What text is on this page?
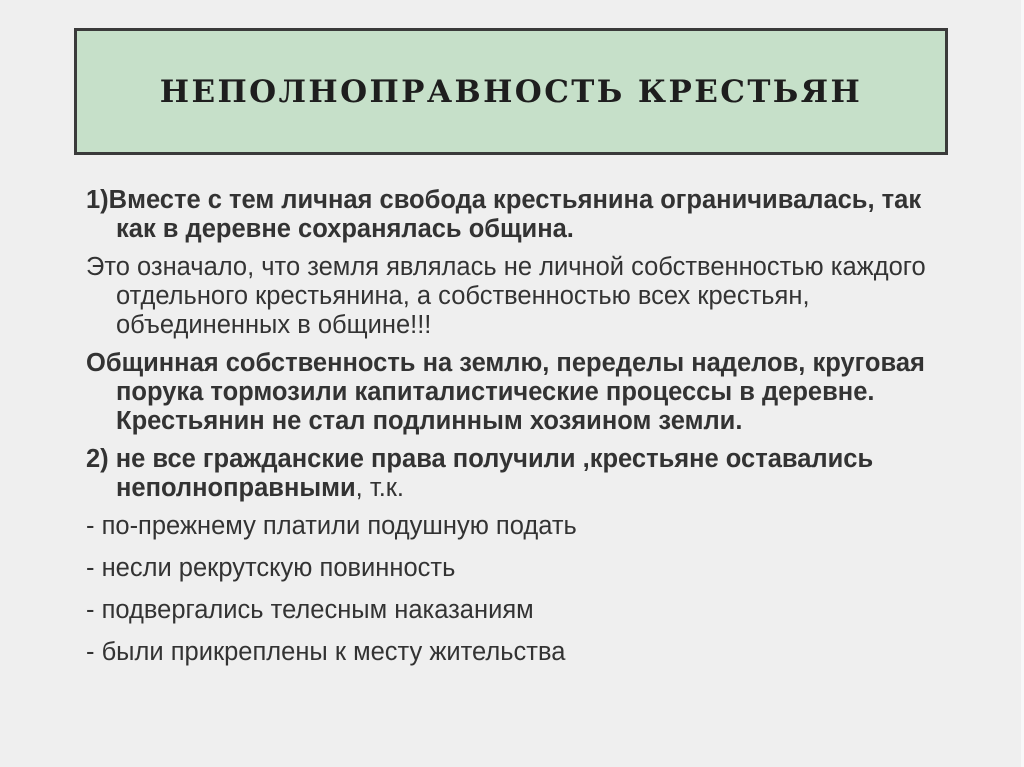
НЕПОЛНОПРАВНОСТЬ КРЕСТЬЯН

1)Вместе с тем личная свобода крестьянина ограничивалась, так как в деревне сохранялась община.

Это означало, что земля являлась не личной собственностью каждого отдельного крестьянина, а собственностью всех крестьян, объединенных в общине!!!

Общинная собственность на землю, переделы наделов, круговая порука тормозили капиталистические процессы в деревне. Крестьянин не стал подлинным хозяином земли.

2) не все гражданские права получили ,крестьяне оставались неполноправными, т.к.

- по-прежнему платили подушную подать

- несли рекрутскую повинность

- подвергались телесным наказаниям

- были прикреплены к месту жительства
